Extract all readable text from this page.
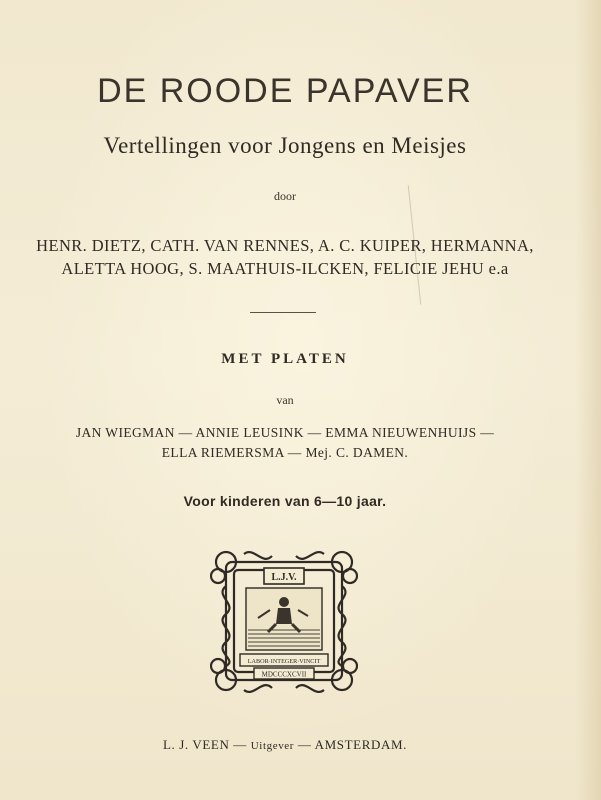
DE ROODE PAPAVER
Vertellingen voor Jongens en Meisjes
door
HENR. DIETZ, CATH. VAN RENNES, A. C. KUIPER, HERMANNA,
ALETTA HOOG, S. MAATHUIS-ILCKEN, FELICIE JEHU e.a
MET PLATEN
van
JAN WIEGMAN — ANNIE LEUSINK — EMMA NIEUWENHUIJS —
ELLA RIEMERSMA — Mej. C. DAMEN.
Voor kinderen van 6—10 jaar.
L.J.V.
LABOR·INTEGER·VINCIT
MDCCCXCVII
L. J. VEEN — Uitgever — AMSTERDAM.
